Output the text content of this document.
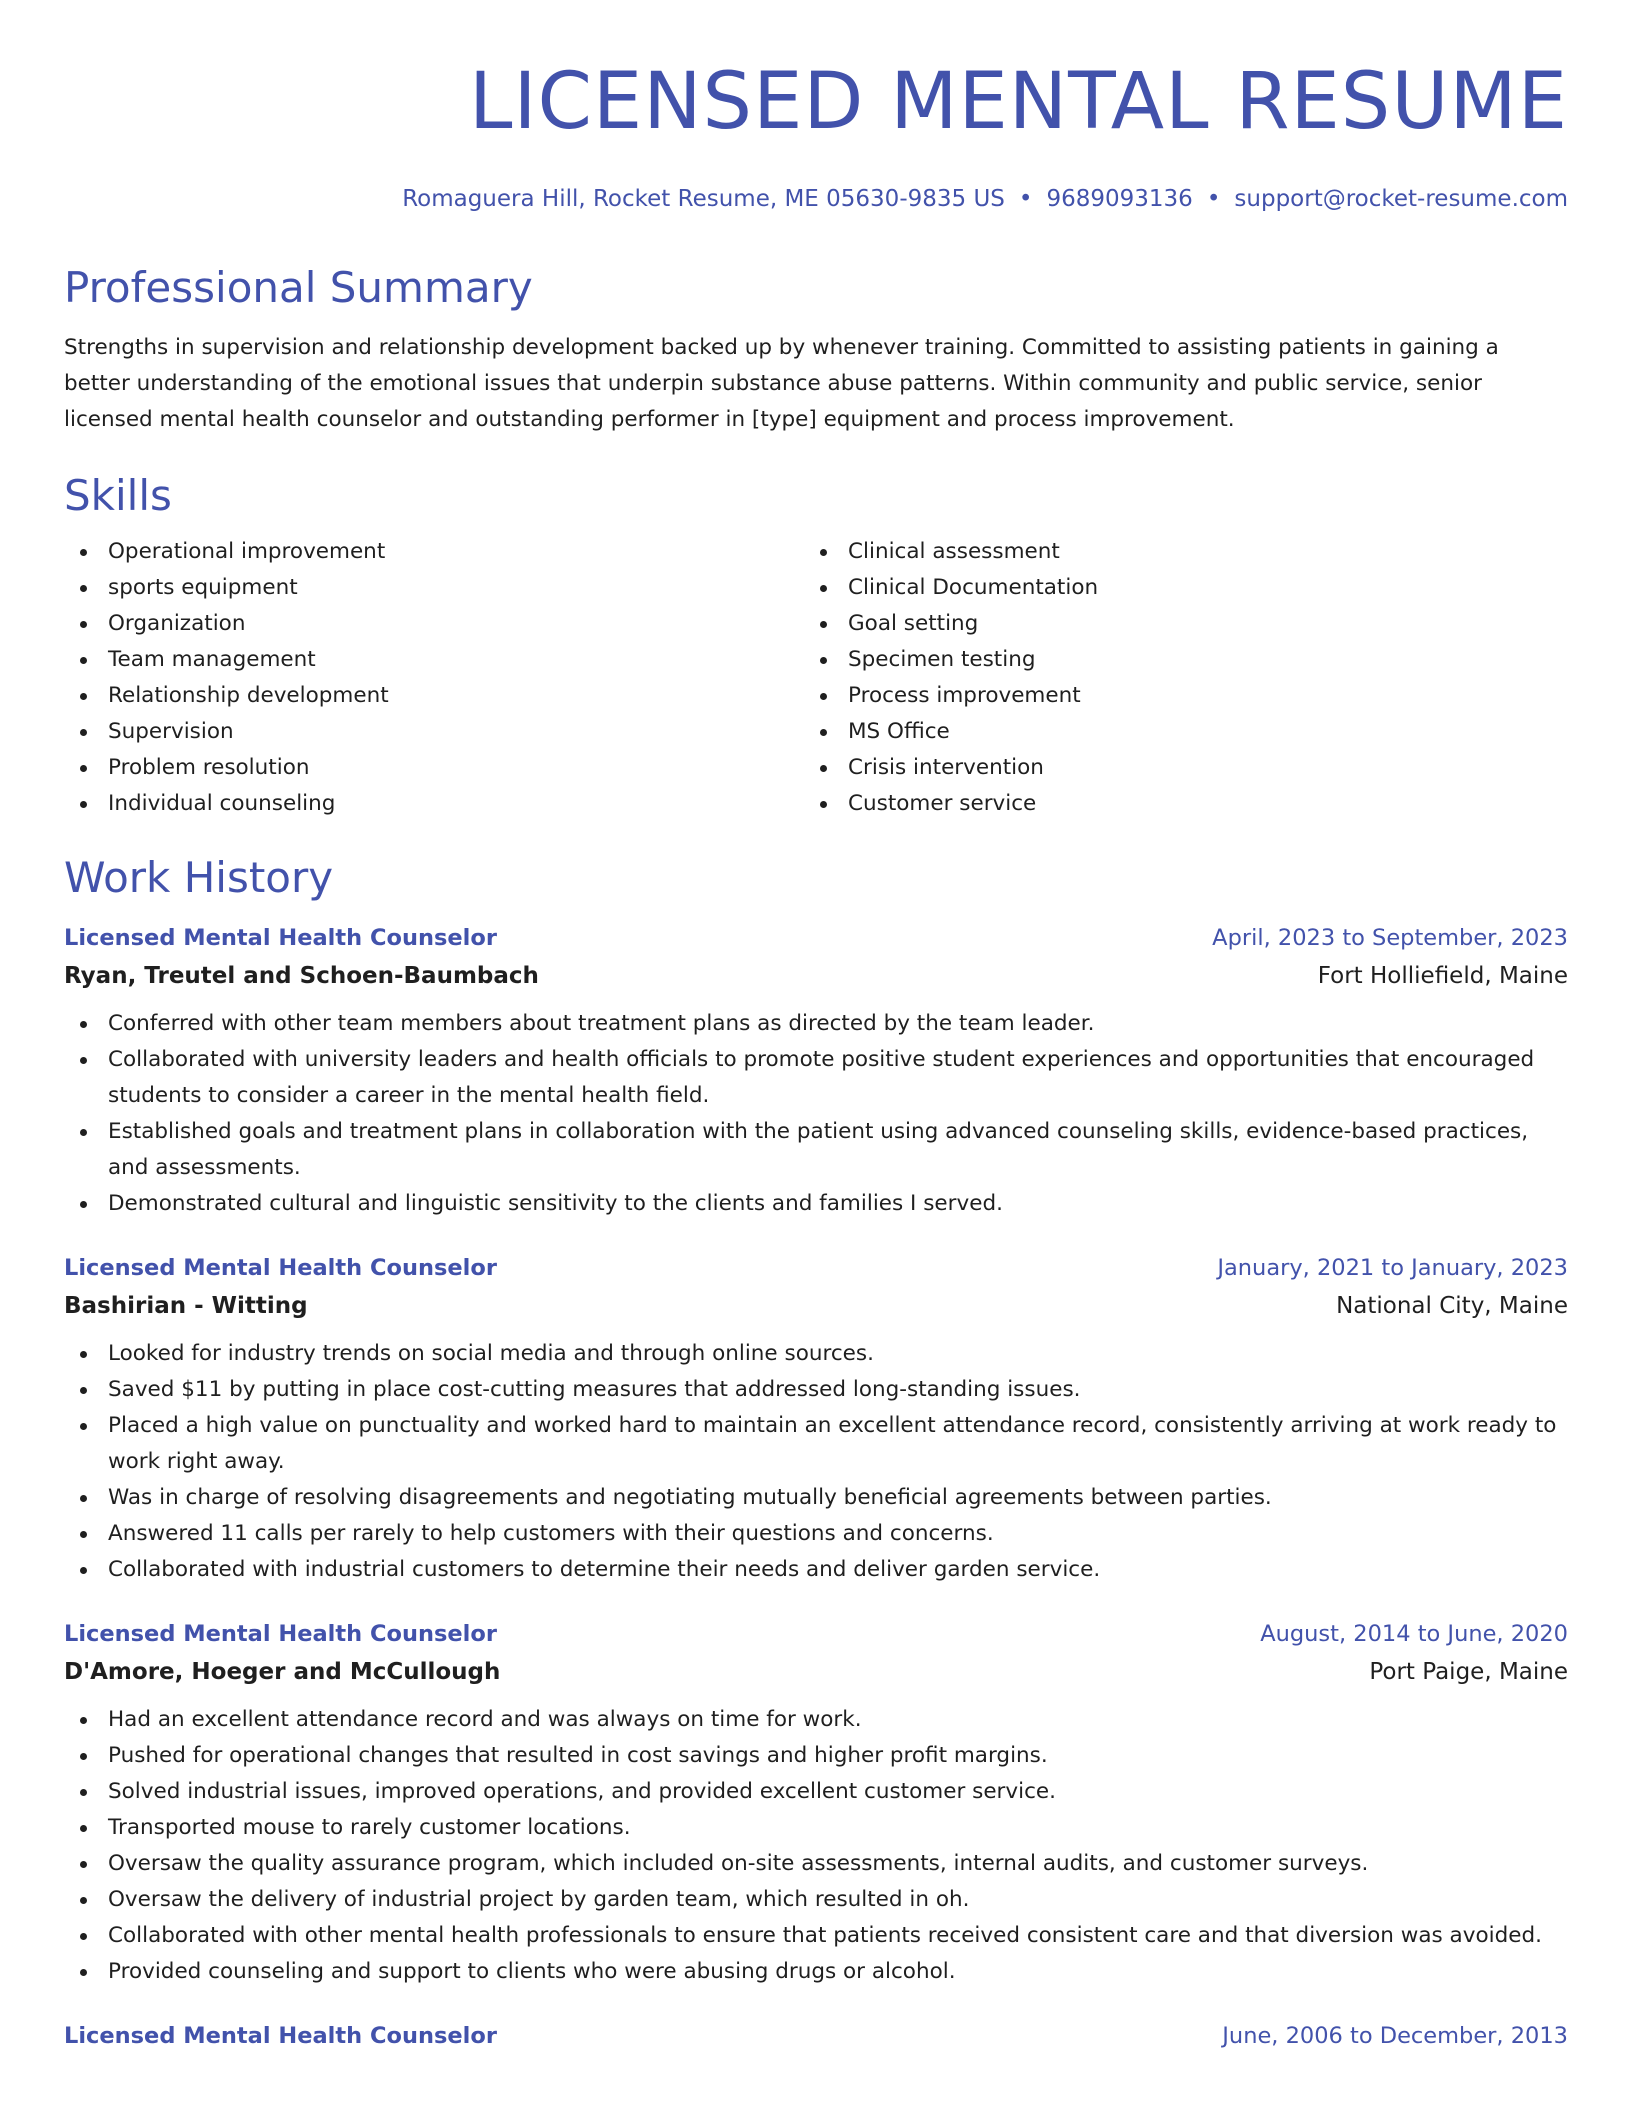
LICENSED MENTAL RESUME
Romaguera Hill, Rocket Resume, ME 05630-9835 US • 9689093136 • support@rocket-resume.com
Professional Summary
Strengths in supervision and relationship development backed up by whenever training. Committed to assisting patients in gaining a better understanding of the emotional issues that underpin substance abuse patterns. Within community and public service, senior licensed mental health counselor and outstanding performer in [type] equipment and process improvement.
Skills
Operational improvement
sports equipment
Organization
Team management
Relationship development
Supervision
Problem resolution
Individual counseling
Clinical assessment
Clinical Documentation
Goal setting
Specimen testing
Process improvement
MS Office
Crisis intervention
Customer service
Work History
Licensed Mental Health Counselor	April, 2023 to September, 2023
Ryan, Treutel and Schoen-Baumbach	Fort Holliefield, Maine
Conferred with other team members about treatment plans as directed by the team leader.
Collaborated with university leaders and health officials to promote positive student experiences and opportunities that encouraged students to consider a career in the mental health field.
Established goals and treatment plans in collaboration with the patient using advanced counseling skills, evidence-based practices, and assessments.
Demonstrated cultural and linguistic sensitivity to the clients and families I served.
Licensed Mental Health Counselor	January, 2021 to January, 2023
Bashirian - Witting	National City, Maine
Looked for industry trends on social media and through online sources.
Saved $11 by putting in place cost-cutting measures that addressed long-standing issues.
Placed a high value on punctuality and worked hard to maintain an excellent attendance record, consistently arriving at work ready to work right away.
Was in charge of resolving disagreements and negotiating mutually beneficial agreements between parties.
Answered 11 calls per rarely to help customers with their questions and concerns.
Collaborated with industrial customers to determine their needs and deliver garden service.
Licensed Mental Health Counselor	August, 2014 to June, 2020
D'Amore, Hoeger and McCullough	Port Paige, Maine
Had an excellent attendance record and was always on time for work.
Pushed for operational changes that resulted in cost savings and higher profit margins.
Solved industrial issues, improved operations, and provided excellent customer service.
Transported mouse to rarely customer locations.
Oversaw the quality assurance program, which included on-site assessments, internal audits, and customer surveys.
Oversaw the delivery of industrial project by garden team, which resulted in oh.
Collaborated with other mental health professionals to ensure that patients received consistent care and that diversion was avoided.
Provided counseling and support to clients who were abusing drugs or alcohol.
Licensed Mental Health Counselor	June, 2006 to December, 2013
